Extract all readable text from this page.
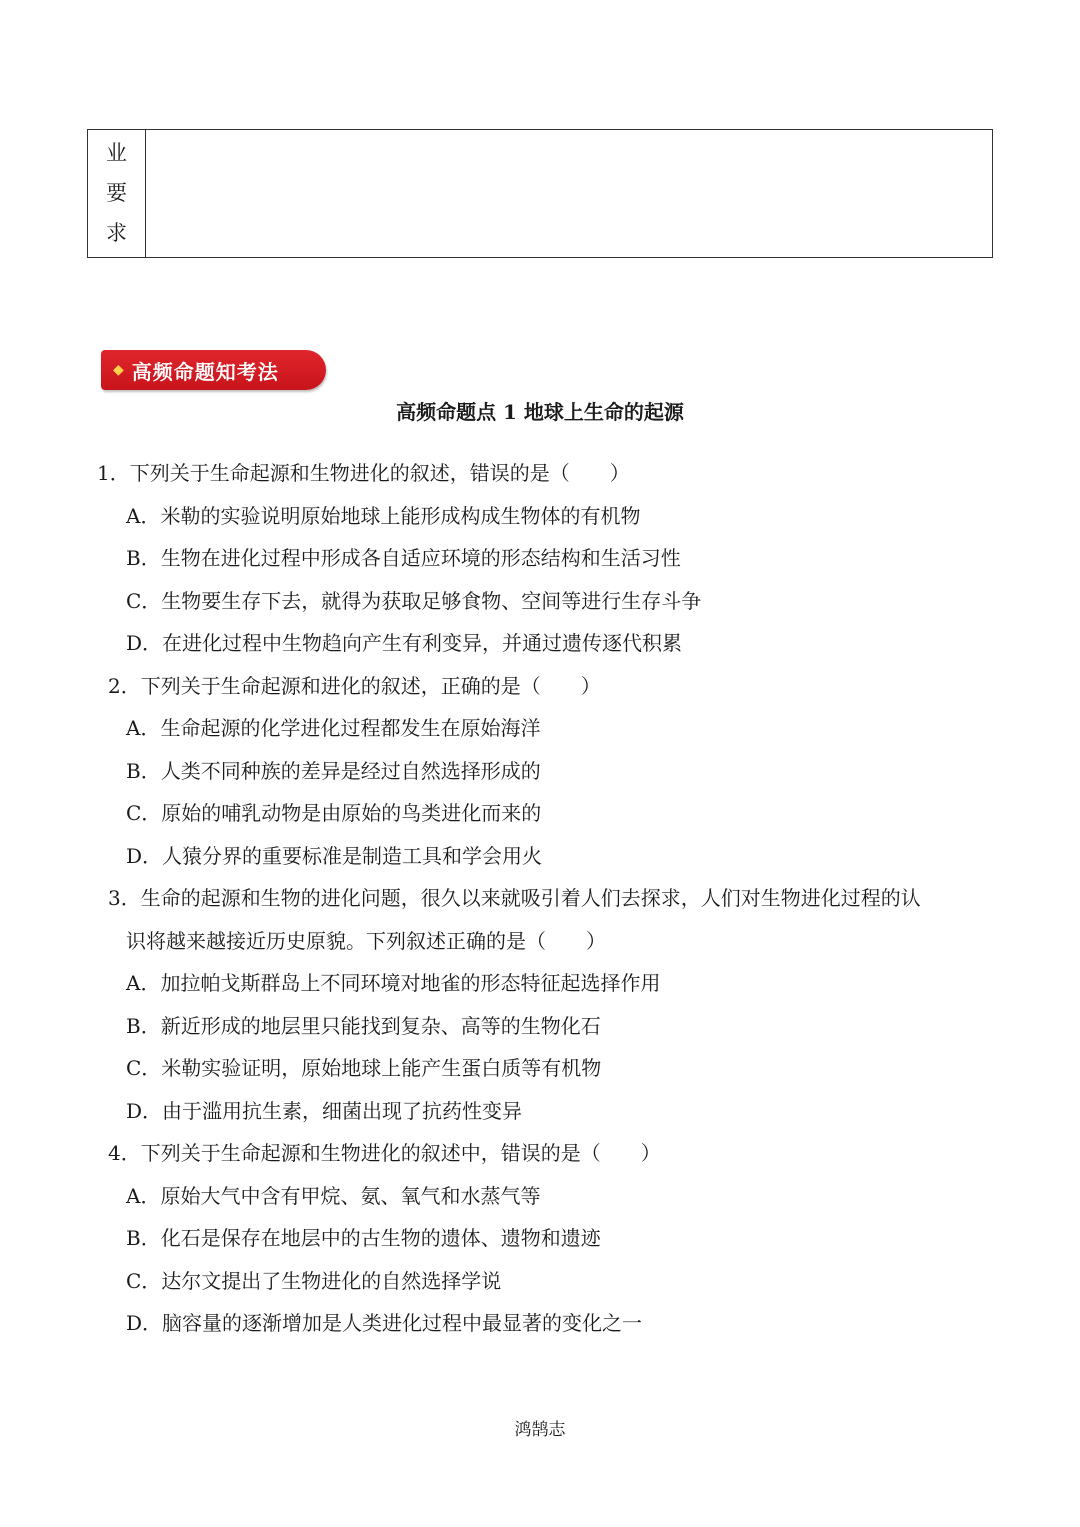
业
要
求
◆ 高频命题知考法
高频命题点 1 地球上生命的起源
1．下列关于生命起源和生物进化的叙述，错误的是（　　）
A．米勒的实验说明原始地球上能形成构成生物体的有机物
B．生物在进化过程中形成各自适应环境的形态结构和生活习性
C．生物要生存下去，就得为获取足够食物、空间等进行生存斗争
D．在进化过程中生物趋向产生有利变异，并通过遗传逐代积累
2．下列关于生命起源和进化的叙述，正确的是（　　）
A．生命起源的化学进化过程都发生在原始海洋
B．人类不同种族的差异是经过自然选择形成的
C．原始的哺乳动物是由原始的鸟类进化而来的
D．人猿分界的重要标准是制造工具和学会用火
3．生命的起源和生物的进化问题，很久以来就吸引着人们去探求，人们对生物进化过程的认
识将越来越接近历史原貌。下列叙述正确的是（　　）
A．加拉帕戈斯群岛上不同环境对地雀的形态特征起选择作用
B．新近形成的地层里只能找到复杂、高等的生物化石
C．米勒实验证明，原始地球上能产生蛋白质等有机物
D．由于滥用抗生素，细菌出现了抗药性变异
4．下列关于生命起源和生物进化的叙述中，错误的是（　　）
A．原始大气中含有甲烷、氨、氧气和水蒸气等
B．化石是保存在地层中的古生物的遗体、遗物和遗迹
C．达尔文提出了生物进化的自然选择学说
D．脑容量的逐渐增加是人类进化过程中最显著的变化之一
鸿鹄志
